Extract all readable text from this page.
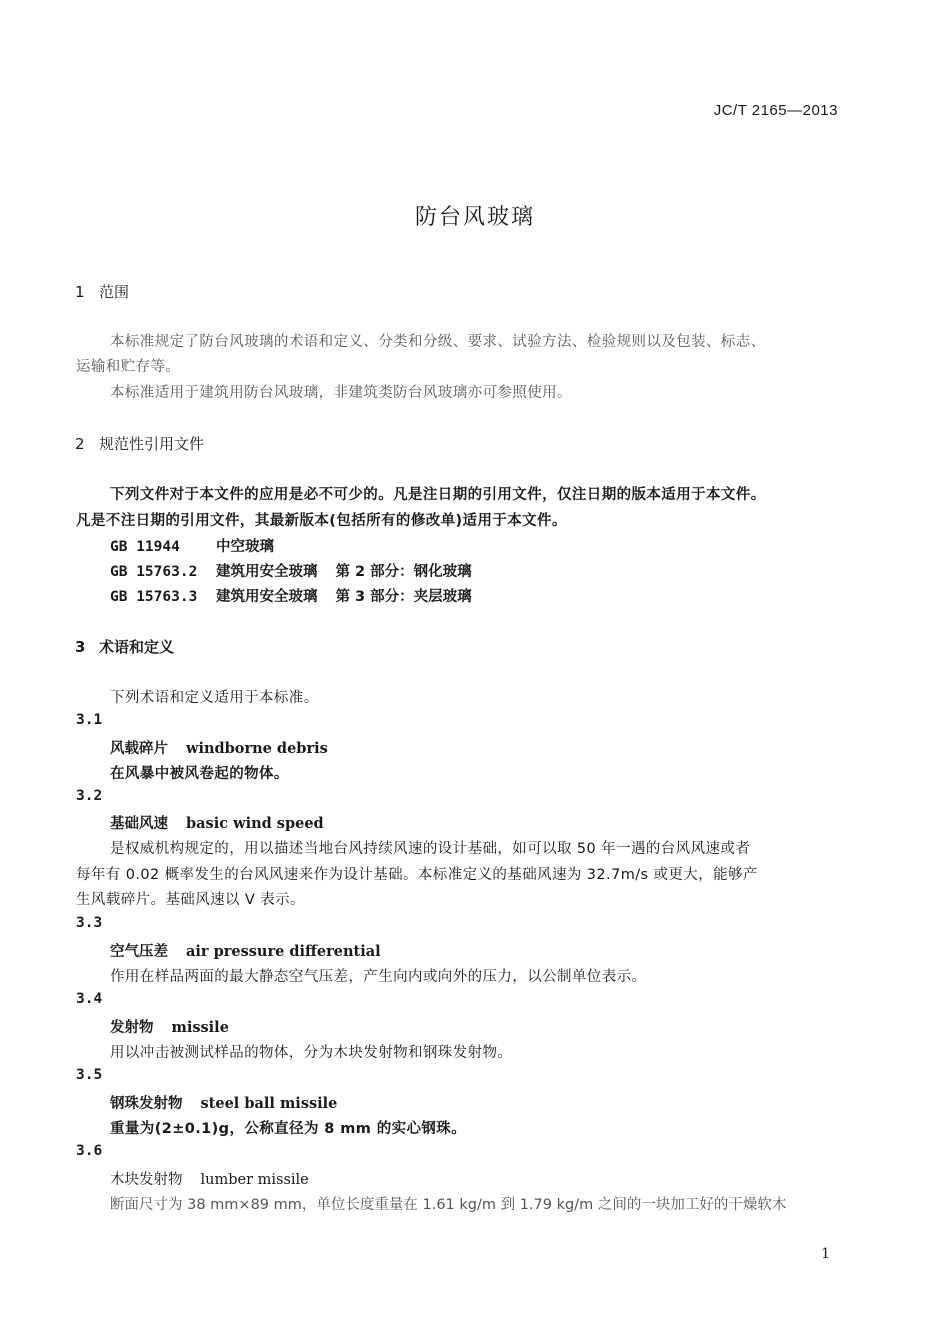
JC/T 2165—2013
防台风玻璃
1 范围
本标准规定了防台风玻璃的术语和定义、分类和分级、要求、试验方法、检验规则以及包装、标志、
运输和贮存等。
本标准适用于建筑用防台风玻璃，非建筑类防台风玻璃亦可参照使用。
2 规范性引用文件
下列文件对于本文件的应用是必不可少的。凡是注日期的引用文件，仅注日期的版本适用于本文件。
凡是不注日期的引用文件，其最新版本(包括所有的修改单)适用于本文件。
GB 11944 中空玻璃
GB 15763.2 建筑用安全玻璃 第 2 部分：钢化玻璃
GB 15763.3 建筑用安全玻璃 第 3 部分：夹层玻璃
3 术语和定义
下列术语和定义适用于本标准。
3.1
风载碎片 windborne debris
在风暴中被风卷起的物体。
3.2
基础风速 basic wind speed
是权威机构规定的，用以描述当地台风持续风速的设计基础，如可以取 50 年一遇的台风风速或者
每年有 0.02 概率发生的台风风速来作为设计基础。本标准定义的基础风速为 32.7m/s 或更大，能够产
生风载碎片。基础风速以 V 表示。
3.3
空气压差 air pressure differential
作用在样品两面的最大静态空气压差，产生向内或向外的压力，以公制单位表示。
3.4
发射物 missile
用以冲击被测试样品的物体，分为木块发射物和钢珠发射物。
3.5
钢珠发射物 steel ball missile
重量为(2±0.1)g，公称直径为 8 mm 的实心钢珠。
3.6
木块发射物 lumber missile
断面尺寸为 38 mm×89 mm，单位长度重量在 1.61 kg/m 到 1.79 kg/m 之间的一块加工好的干燥软木
1
